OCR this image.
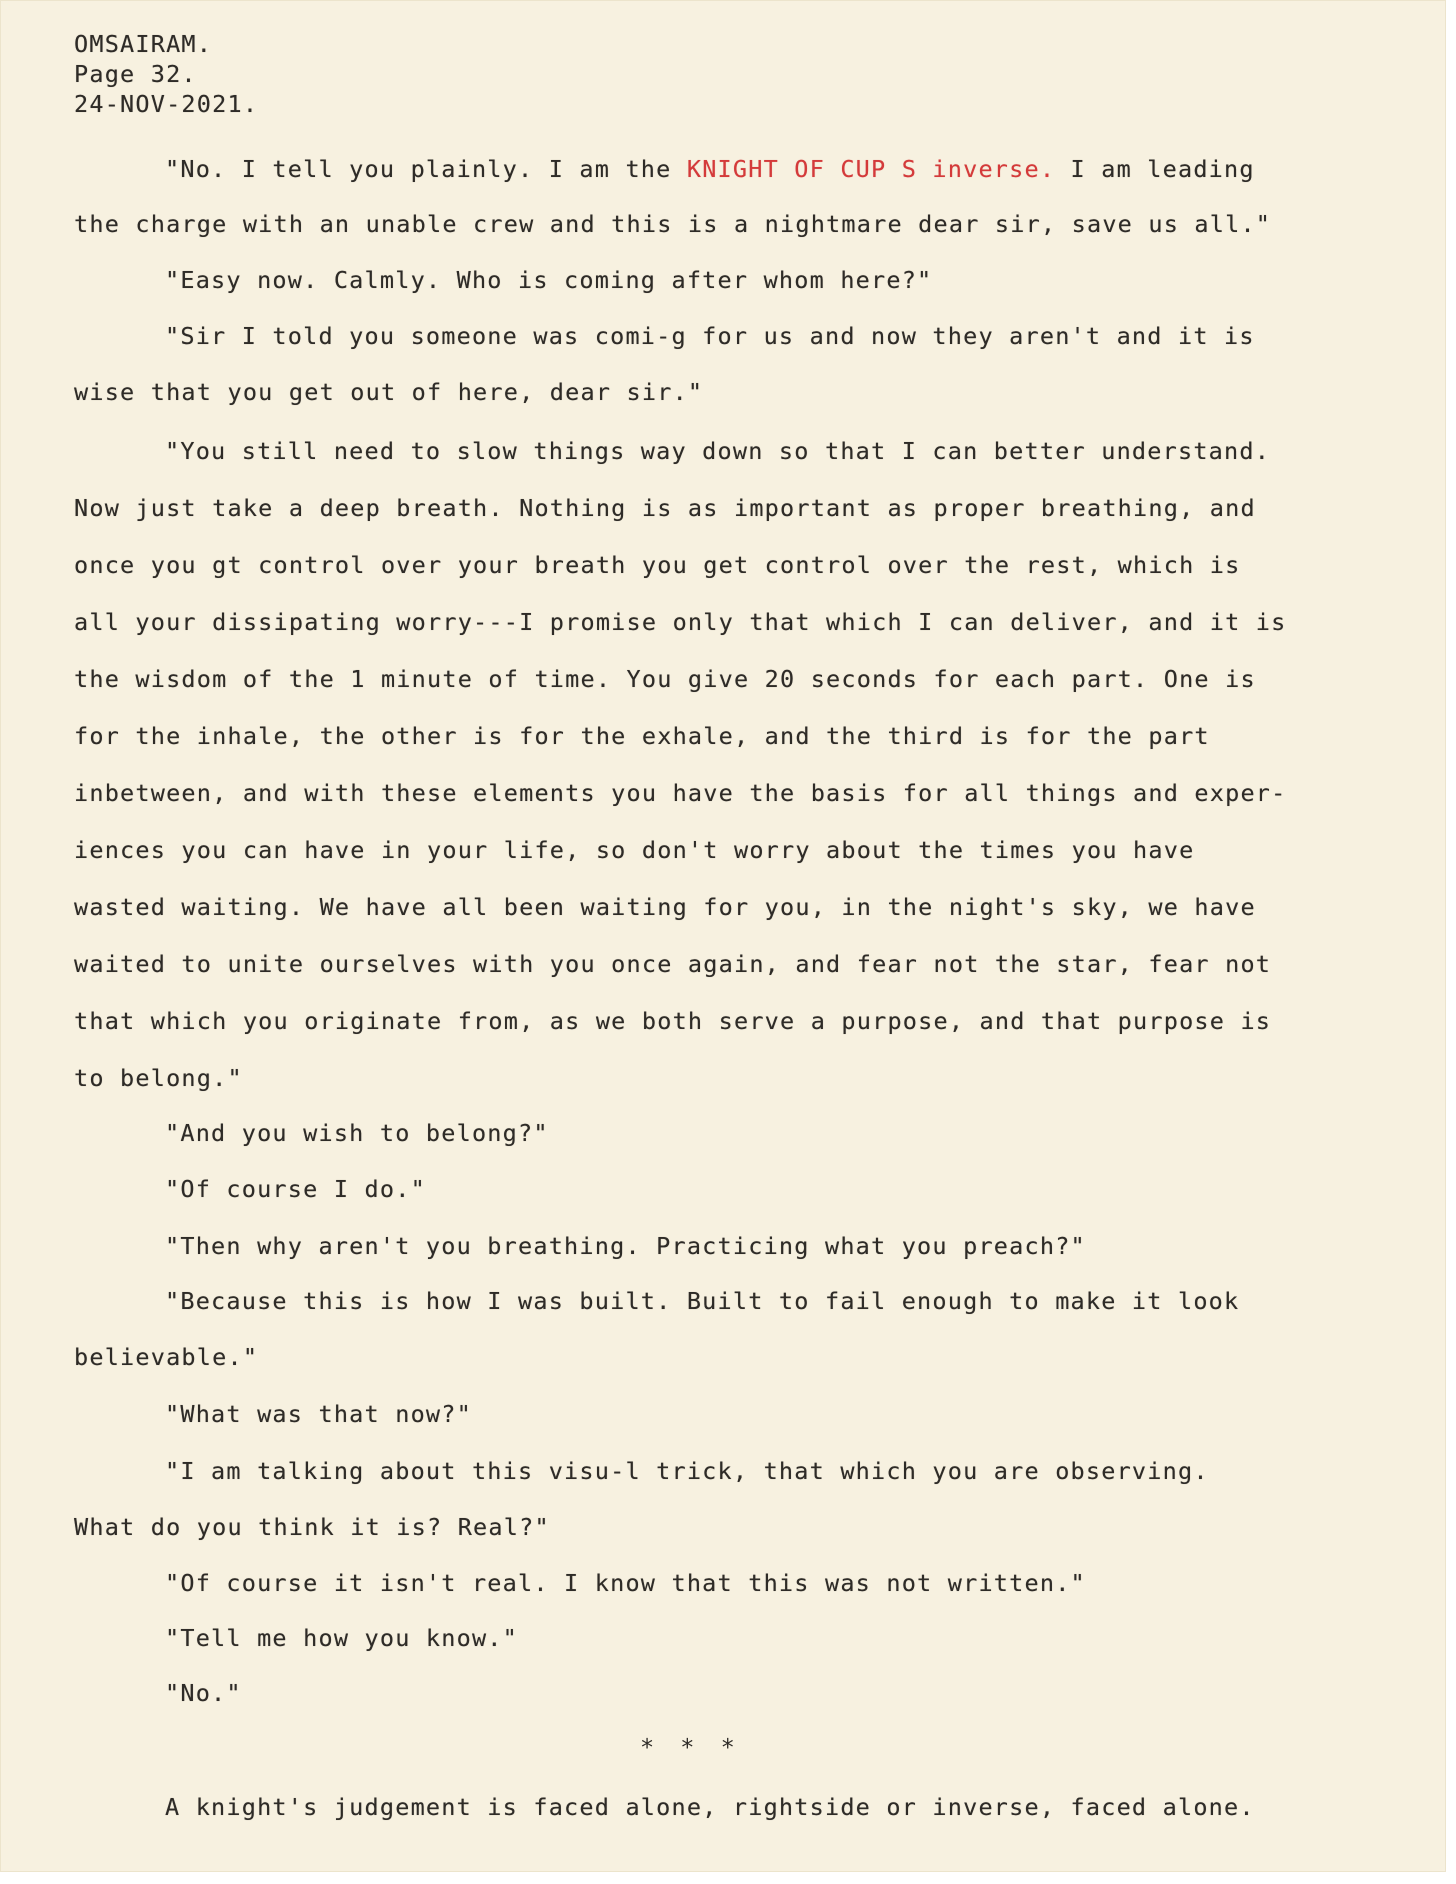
OMSAIRAM.

Page 32.

24-NOV-2021.

"No. I tell you plainly. I am the KNIGHT OF CUP S inverse. I am leading

the charge with an unable crew and this is a nightmare dear sir, save us all."

"Easy now. Calmly. Who is coming after whom here?"

"Sir I told you someone was comi-g for us and now they aren't and it is

wise that you get out of here, dear sir."

"You still need to slow things way down so that I can better understand.

Now just take a deep breath. Nothing is as important as proper breathing, and

once you gt control over your breath you get control over the rest, which is

all your dissipating worry---I promise only that which I can deliver, and it is

the wisdom of the 1 minute of time. You give 20 seconds for each part. One is

for the inhale, the other is for the exhale, and the third is for the part

inbetween, and with these elements you have the basis for all things and exper-

iences you can have in your life, so don't worry about the times you have

wasted waiting. We have all been waiting for you, in the night's sky, we have

waited to unite ourselves with you once again, and fear not the star, fear not

that which you originate from, as we both serve a purpose, and that purpose is

to belong."

"And you wish to belong?"

"Of course I do."

"Then why aren't you breathing. Practicing what you preach?"

"Because this is how I was built. Built to fail enough to make it look

believable."

"What was that now?"

"I am talking about this visu-l trick, that which you are observing.

What do you think it is? Real?"

"Of course it isn't real. I know that this was not written."

"Tell me how you know."

"No."

* * *

A knight's judgement is faced alone, rightside or inverse, faced alone.
